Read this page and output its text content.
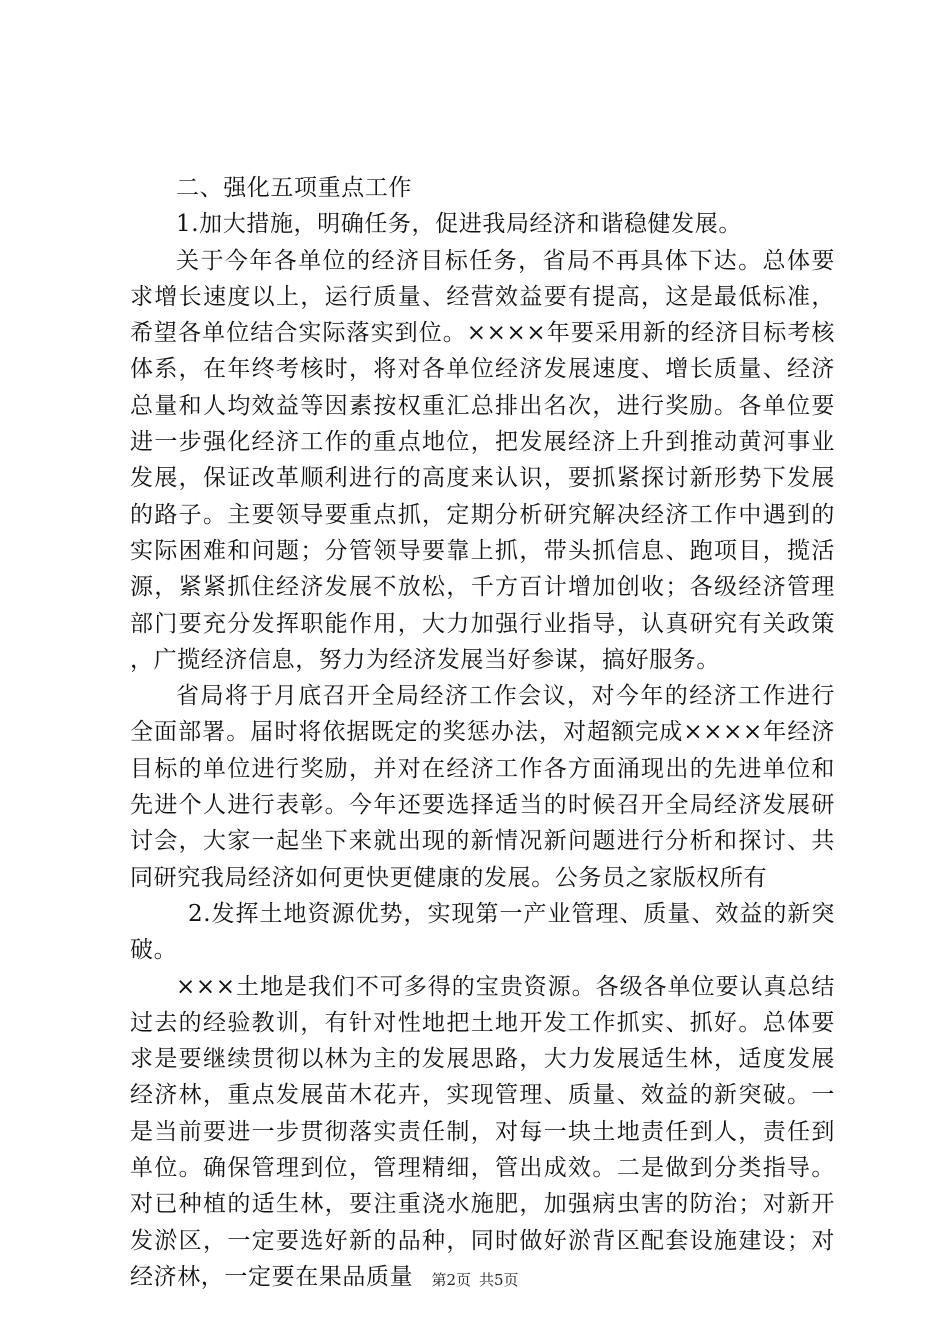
二、强化五项重点工作

1.加大措施，明确任务，促进我局经济和谐稳健发展。

关于今年各单位的经济目标任务，省局不再具体下达。总体要求增长速度以上，运行质量、经营效益要有提高，这是最低标准，希望各单位结合实际落实到位。××××年要采用新的经济目标考核体系，在年终考核时，将对各单位经济发展速度、增长质量、经济总量和人均效益等因素按权重汇总排出名次，进行奖励。各单位要进一步强化经济工作的重点地位，把发展经济上升到推动黄河事业发展，保证改革顺利进行的高度来认识，要抓紧探讨新形势下发展的路子。主要领导要重点抓，定期分析研究解决经济工作中遇到的实际困难和问题；分管领导要靠上抓，带头抓信息、跑项目，揽活源，紧紧抓住经济发展不放松，千方百计增加创收；各级经济管理部门要充分发挥职能作用，大力加强行业指导，认真研究有关政策，广揽经济信息，努力为经济发展当好参谋，搞好服务。

省局将于月底召开全局经济工作会议，对今年的经济工作进行全面部署。届时将依据既定的奖惩办法，对超额完成××××年经济目标的单位进行奖励，并对在经济工作各方面涌现出的先进单位和先进个人进行表彰。今年还要选择适当的时候召开全局经济发展研讨会，大家一起坐下来就出现的新情况新问题进行分析和探讨、共同研究我局经济如何更快更健康的发展。公务员之家版权所有

2.发挥土地资源优势，实现第一产业管理、质量、效益的新突破。

×××土地是我们不可多得的宝贵资源。各级各单位要认真总结过去的经验教训，有针对性地把土地开发工作抓实、抓好。总体要求是要继续贯彻以林为主的发展思路，大力发展适生林，适度发展经济林，重点发展苗木花卉，实现管理、质量、效益的新突破。一是当前要进一步贯彻落实责任制，对每一块土地责任到人，责任到单位。确保管理到位，管理精细，管出成效。二是做到分类指导。对已种植的适生林，要注重浇水施肥，加强病虫害的防治；对新开发淤区，一定要选好新的品种，同时做好淤背区配套设施建设；对经济林，一定要在果品质量	第2页 共5页
